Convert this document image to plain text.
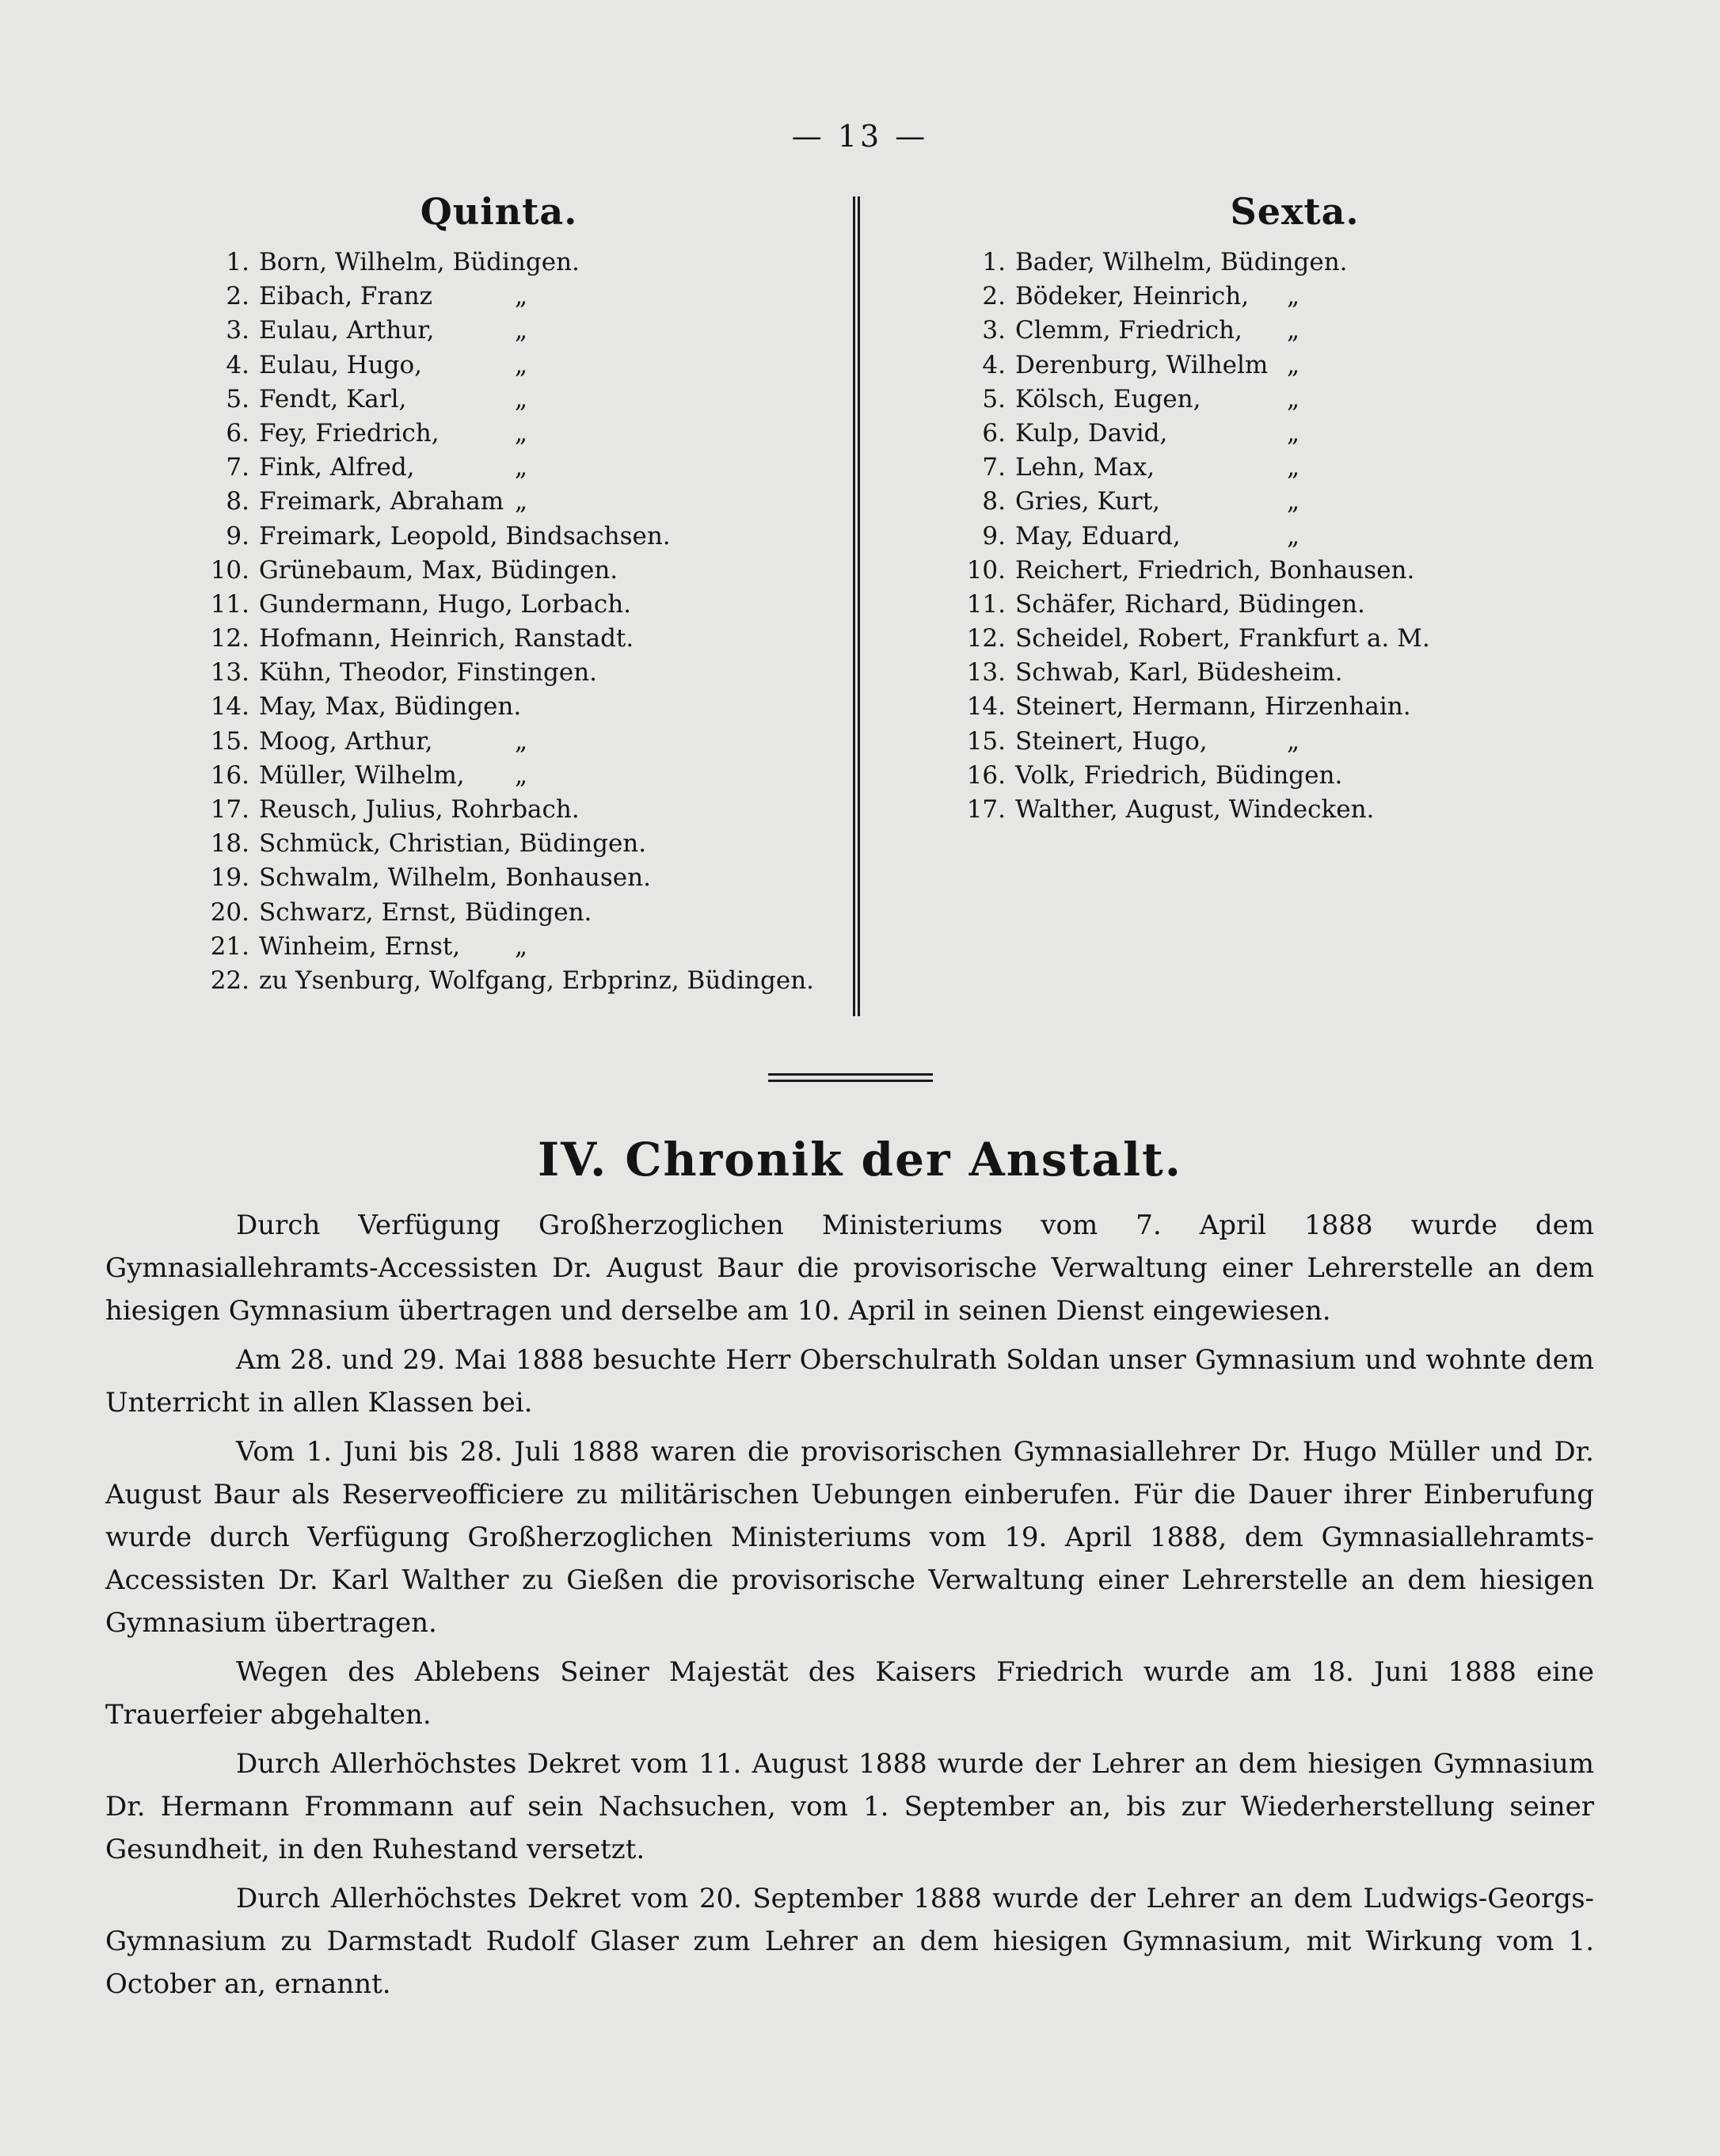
— 13 —
Quinta.
1. Born, Wilhelm, Büdingen.
2. Eibach, Franz	„
3. Eulau, Arthur,	„
4. Eulau, Hugo,	„
5. Fendt, Karl,	„
6. Fey, Friedrich,	„
7. Fink, Alfred,	„
8. Freimark, Abraham „
9. Freimark, Leopold, Bindsachsen.
10. Grünebaum, Max, Büdingen.
11. Gundermann, Hugo, Lorbach.
12. Hofmann, Heinrich, Ranstadt.
13. Kühn, Theodor, Finstingen.
14. May, Max, Büdingen.
15. Moog, Arthur,	„
16. Müller, Wilhelm, „
17. Reusch, Julius, Rohrbach.
18. Schmück, Christian, Büdingen.
19. Schwalm, Wilhelm, Bonhausen.
20. Schwarz, Ernst, Büdingen.
21. Winheim, Ernst, „
22. zu Ysenburg, Wolfgang, Erbprinz, Büdingen.
Sexta.
1. Bader, Wilhelm, Büdingen.
2. Bödeker, Heinrich, „
3. Clemm, Friedrich, „
4. Derenburg, Wilhelm „
5. Kölsch, Eugen,	„
6. Kulp, David,	„
7. Lehn, Max,	„
8. Gries, Kurt,	„
9. May, Eduard,	„
10. Reichert, Friedrich, Bonhausen.
11. Schäfer, Richard, Büdingen.
12. Scheidel, Robert, Frankfurt a. M.
13. Schwab, Karl, Büdesheim.
14. Steinert, Hermann, Hirzenhain.
15. Steinert, Hugo,	„
16. Volk, Friedrich, Büdingen.
17. Walther, August, Windecken.
IV. Chronik der Anstalt.

Durch Verfügung Großherzoglichen Ministeriums vom 7. April 1888 wurde dem Gymnasiallehramts-Accessisten Dr. August Baur die provisorische Verwaltung einer Lehrerstelle an dem hiesigen Gymnasium übertragen und derselbe am 10. April in seinen Dienst eingewiesen.

Am 28. und 29. Mai 1888 besuchte Herr Oberschulrath Soldan unser Gymnasium und wohnte dem Unterricht in allen Klassen bei.

Vom 1. Juni bis 28. Juli 1888 waren die provisorischen Gymnasiallehrer Dr. Hugo Müller und Dr. August Baur als Reserveofficiere zu militärischen Uebungen einberufen. Für die Dauer ihrer Einberufung wurde durch Verfügung Großherzoglichen Ministeriums vom 19. April 1888, dem Gymnasiallehramts-Accessisten Dr. Karl Walther zu Gießen die provisorische Verwaltung einer Lehrerstelle an dem hiesigen Gymnasium übertragen.

Wegen des Ablebens Seiner Majestät des Kaisers Friedrich wurde am 18. Juni 1888 eine Trauerfeier abgehalten.

Durch Allerhöchstes Dekret vom 11. August 1888 wurde der Lehrer an dem hiesigen Gymnasium Dr. Hermann Frommann auf sein Nachsuchen, vom 1. September an, bis zur Wiederherstellung seiner Gesundheit, in den Ruhestand versetzt.

Durch Allerhöchstes Dekret vom 20. September 1888 wurde der Lehrer an dem Ludwigs-Georgs-Gymnasium zu Darmstadt Rudolf Glaser zum Lehrer an dem hiesigen Gymnasium, mit Wirkung vom 1. October an, ernannt.
